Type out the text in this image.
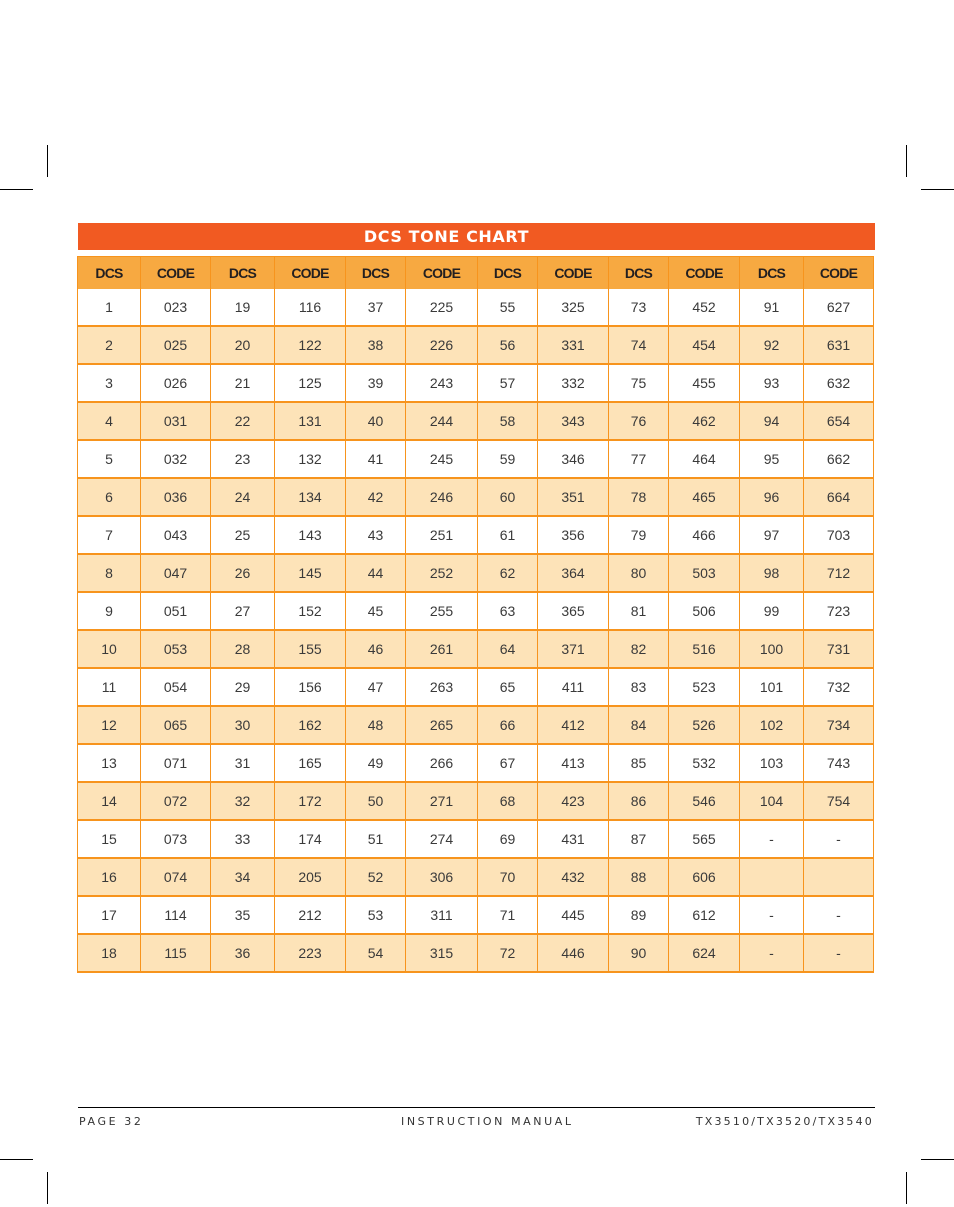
DCS TONE CHART
DCS	CODE	DCS	CODE	DCS	CODE	DCS	CODE	DCS	CODE	DCS	CODE
1	023	19	116	37	225	55	325	73	452	91	627
2	025	20	122	38	226	56	331	74	454	92	631
3	026	21	125	39	243	57	332	75	455	93	632
4	031	22	131	40	244	58	343	76	462	94	654
5	032	23	132	41	245	59	346	77	464	95	662
6	036	24	134	42	246	60	351	78	465	96	664
7	043	25	143	43	251	61	356	79	466	97	703
8	047	26	145	44	252	62	364	80	503	98	712
9	051	27	152	45	255	63	365	81	506	99	723
10	053	28	155	46	261	64	371	82	516	100	731
11	054	29	156	47	263	65	411	83	523	101	732
12	065	30	162	48	265	66	412	84	526	102	734
13	071	31	165	49	266	67	413	85	532	103	743
14	072	32	172	50	271	68	423	86	546	104	754
15	073	33	174	51	274	69	431	87	565	-	-
16	074	34	205	52	306	70	432	88	606		
17	114	35	212	53	311	71	445	89	612	-	-
18	115	36	223	54	315	72	446	90	624	-	-
PAGE 32	INSTRUCTION MANUAL	TX3510/TX3520/TX3540
